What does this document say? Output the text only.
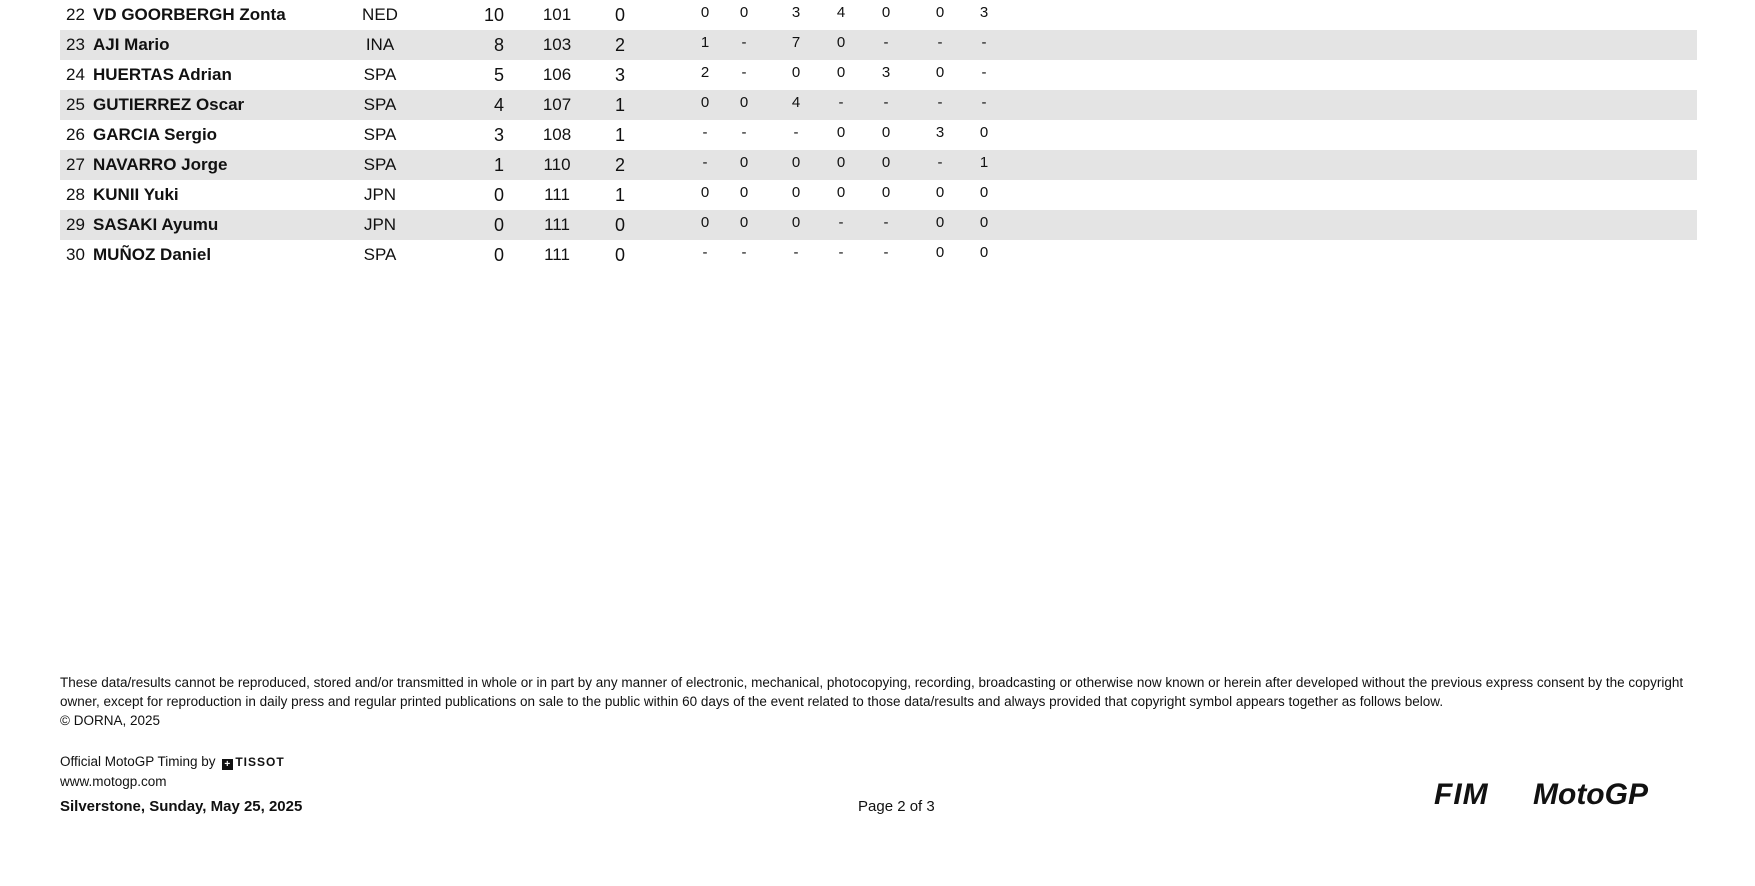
22 VD GOORBERGH Zonta	NED	10	101	0	0	0	3	4	0	0	3
23 AJI Mario	INA	8	103	2	1	-	7	0	-	-	-
24 HUERTAS Adrian	SPA	5	106	3	2	-	0	0	3	0	-
25 GUTIERREZ Oscar	SPA	4	107	1	0	0	4	-	-	-	-
26 GARCIA Sergio	SPA	3	108	1	-	-	-	0	0	3	0
27 NAVARRO Jorge	SPA	1	110	2	-	0	0	0	0	-	1
28 KUNII Yuki	JPN	0	111	1	0	0	0	0	0	0	0
29 SASAKI Ayumu	JPN	0	111	0	0	0	0	-	-	0	0
30 MUÑOZ Daniel	SPA	0	111	0	-	-	-	-	-	0	0
These data/results cannot be reproduced, stored and/or transmitted in whole or in part by any manner of electronic, mechanical, photocopying, recording, broadcasting or otherwise now known or herein after developed without the previous express consent by the copyright owner, except for reproduction in daily press and regular printed publications on sale to the public within 60 days of the event related to those data/results and always provided that copyright symbol appears together as follows below.
© DORNA, 2025
Official MotoGP Timing by + TISSOT
www.motogp.com
Silverstone, Sunday, May 25, 2025	Page 2 of 3	FIM MotoGP
